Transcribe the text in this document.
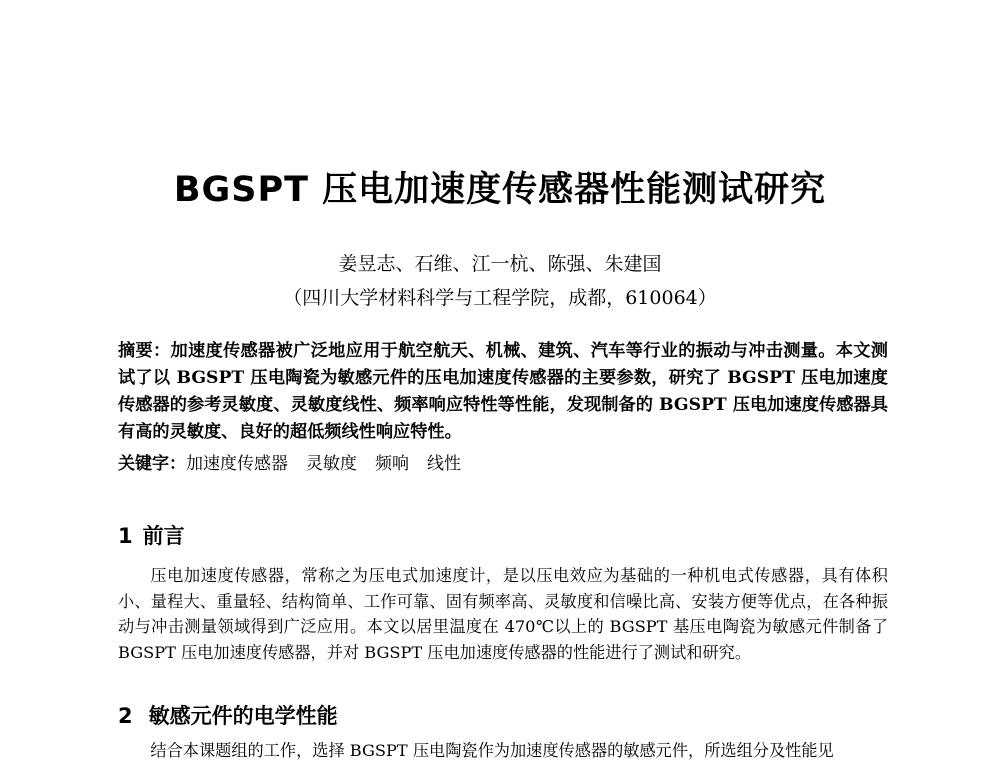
BGSPT 压电加速度传感器性能测试研究
姜昱志、石维、江一杭、陈强、朱建国
（四川大学材料科学与工程学院，成都，610064）

摘要：加速度传感器被广泛地应用于航空航天、机械、建筑、汽车等行业的振动与冲击测量。本文测试了以 BGSPT 压电陶瓷为敏感元件的压电加速度传感器的主要参数，研究了 BGSPT 压电加速度传感器的参考灵敏度、灵敏度线性、频率响应特性等性能，发现制备的 BGSPT 压电加速度传感器具有高的灵敏度、良好的超低频线性响应特性。

关键字：加速度传感器 灵敏度 频响 线性

1 前言

压电加速度传感器，常称之为压电式加速度计，是以压电效应为基础的一种机电式传感器，具有体积小、量程大、重量轻、结构简单、工作可靠、固有频率高、灵敏度和信噪比高、安装方便等优点，在各种振动与冲击测量领域得到广泛应用。本文以居里温度在 470℃以上的 BGSPT 基压电陶瓷为敏感元件制备了 BGSPT 压电加速度传感器，并对 BGSPT 压电加速度传感器的性能进行了测试和研究。

2 敏感元件的电学性能

结合本课题组的工作，选择 BGSPT 压电陶瓷作为加速度传感器的敏感元件，所选组分及性能见
